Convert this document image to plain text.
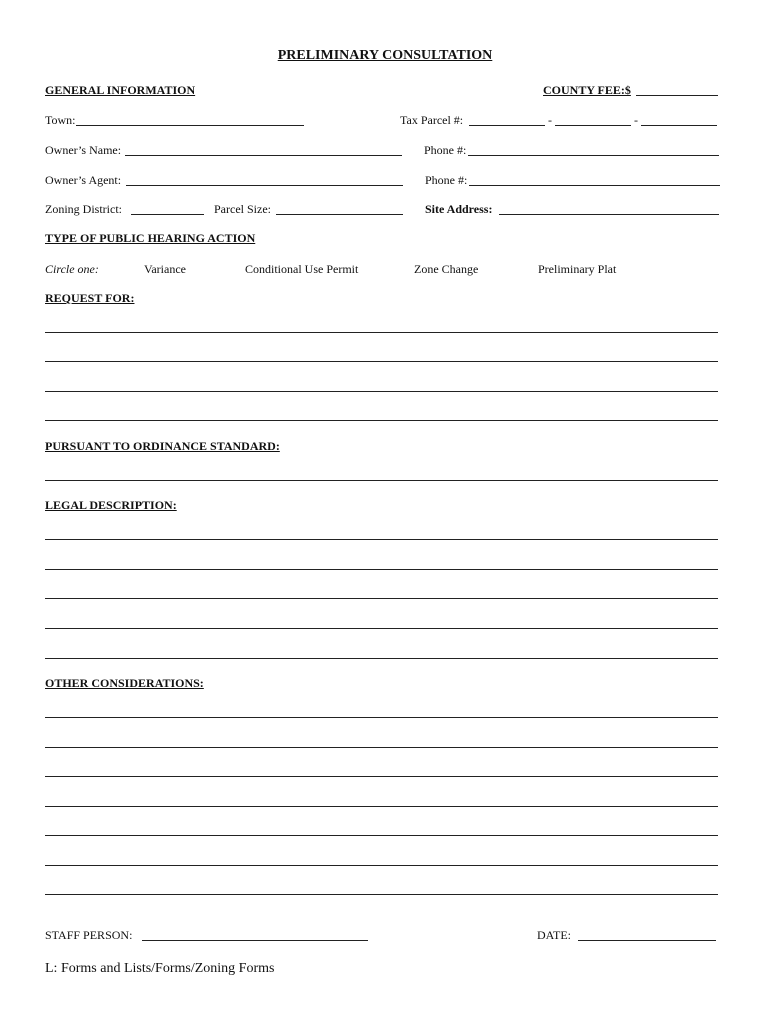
PRELIMINARY CONSULTATION
GENERAL INFORMATION	COUNTY FEE:$
Town:	Tax Parcel #:	-	-
Owner’s Name:	Phone #:
Owner’s Agent:	Phone #:
Zoning District:	Parcel Size:	Site Address:
TYPE OF PUBLIC HEARING ACTION
Circle one:	Variance	Conditional Use Permit	Zone Change	Preliminary Plat
REQUEST FOR:
PURSUANT TO ORDINANCE STANDARD:
LEGAL DESCRIPTION:
OTHER CONSIDERATIONS:
STAFF PERSON:	DATE:
L: Forms and Lists/Forms/Zoning Forms
